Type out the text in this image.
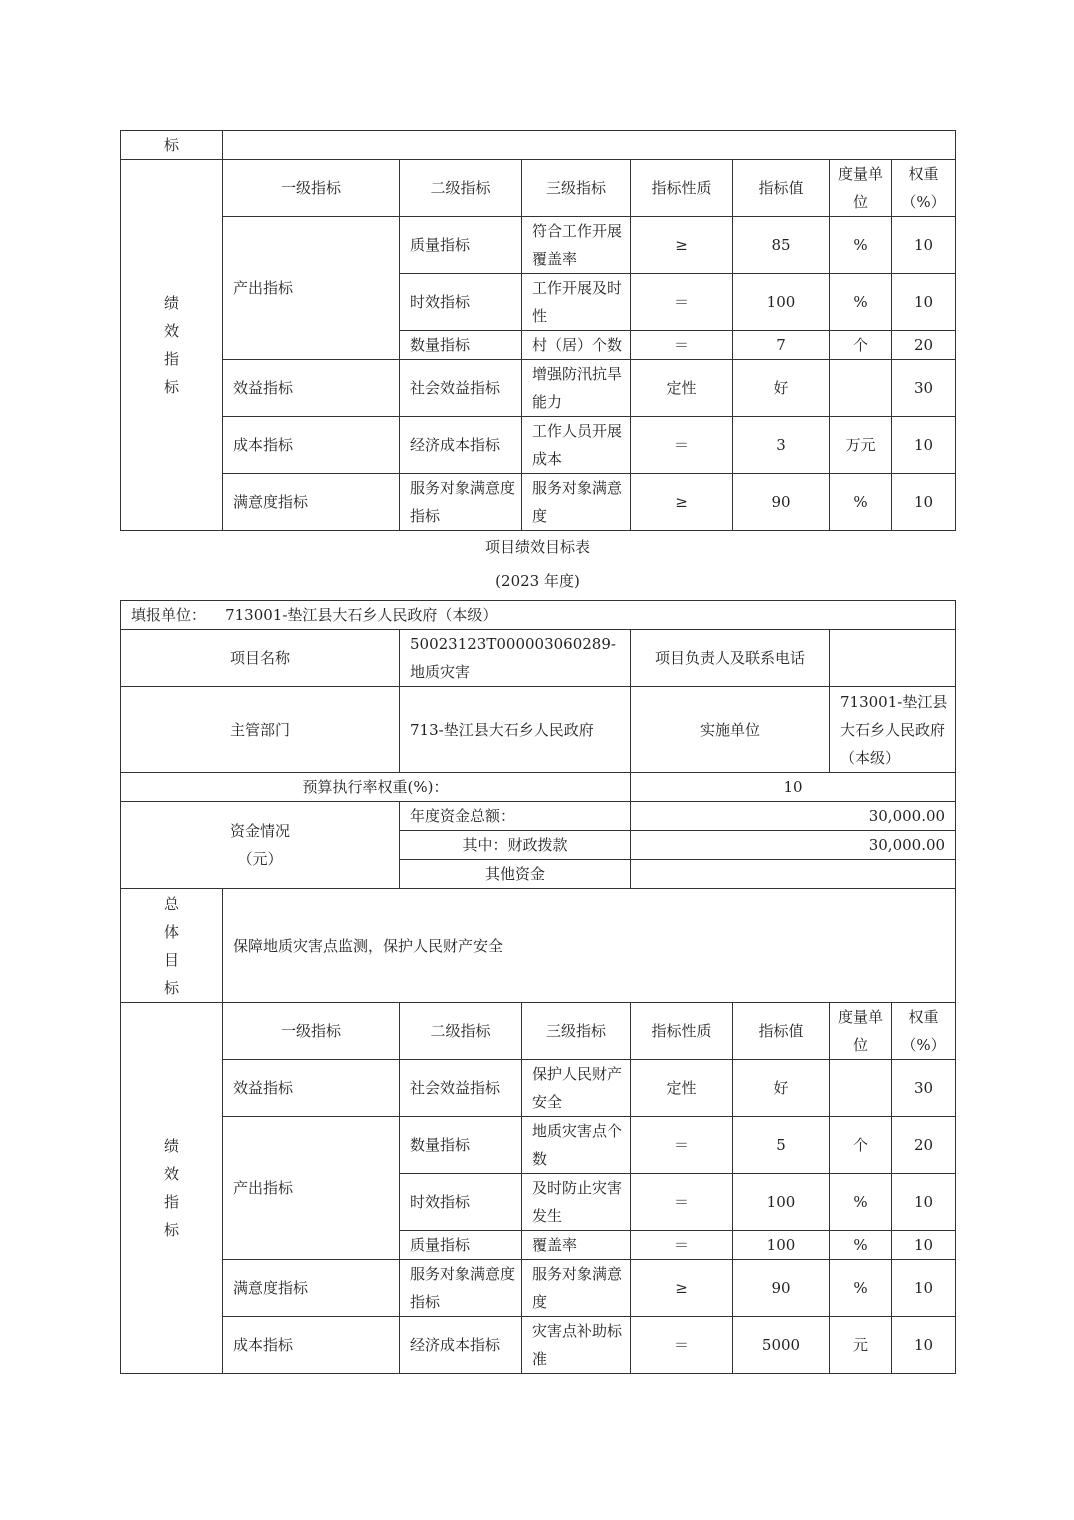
标							

绩
效
指
标	一级指标	二级指标	三级指标	指标性质	指标值	度量单位	权重（%）
	产出指标	质量指标	符合工作开展覆盖率	≥	85	%	10
		时效指标	工作开展及时性	＝	100	%	10
		数量指标	村（居）个数	＝	7	个	20
	效益指标	社会效益指标	增强防汛抗旱能力	定性	好		30
	成本指标	经济成本指标	工作人员开展成本	＝	3	万元	10
	满意度指标	服务对象满意度指标	服务对象满意度	≥	90	%	10
项目绩效目标表
(2023 年度)
填报单位： 713001-垫江县大石乡人民政府（本级）							
项目名称		50023123T000003060289-地质灾害		项目负责人及联系电话			
主管部门		713-垫江县大石乡人民政府		实施单位		713001-垫江县大石乡人民政府（本级）	
预算执行率权重(%)：				10			

资金情况
（元）		年度资金总额：		30,000.00			
		其中：财政拨款		30,000.00			
		其他资金					

总
体
目
标	保障地质灾害点监测，保护人民财产安全						

绩
效
指
标	一级指标	二级指标	三级指标	指标性质	指标值	度量单位	权重（%）
	效益指标	社会效益指标	保护人民财产安全	定性	好		30
	产出指标	数量指标	地质灾害点个数	＝	5	个	20
		时效指标	及时防止灾害发生	＝	100	%	10
		质量指标	覆盖率	＝	100	%	10
	满意度指标	服务对象满意度指标	服务对象满意度	≥	90	%	10
	成本指标	经济成本指标	灾害点补助标准	＝	5000	元	10
